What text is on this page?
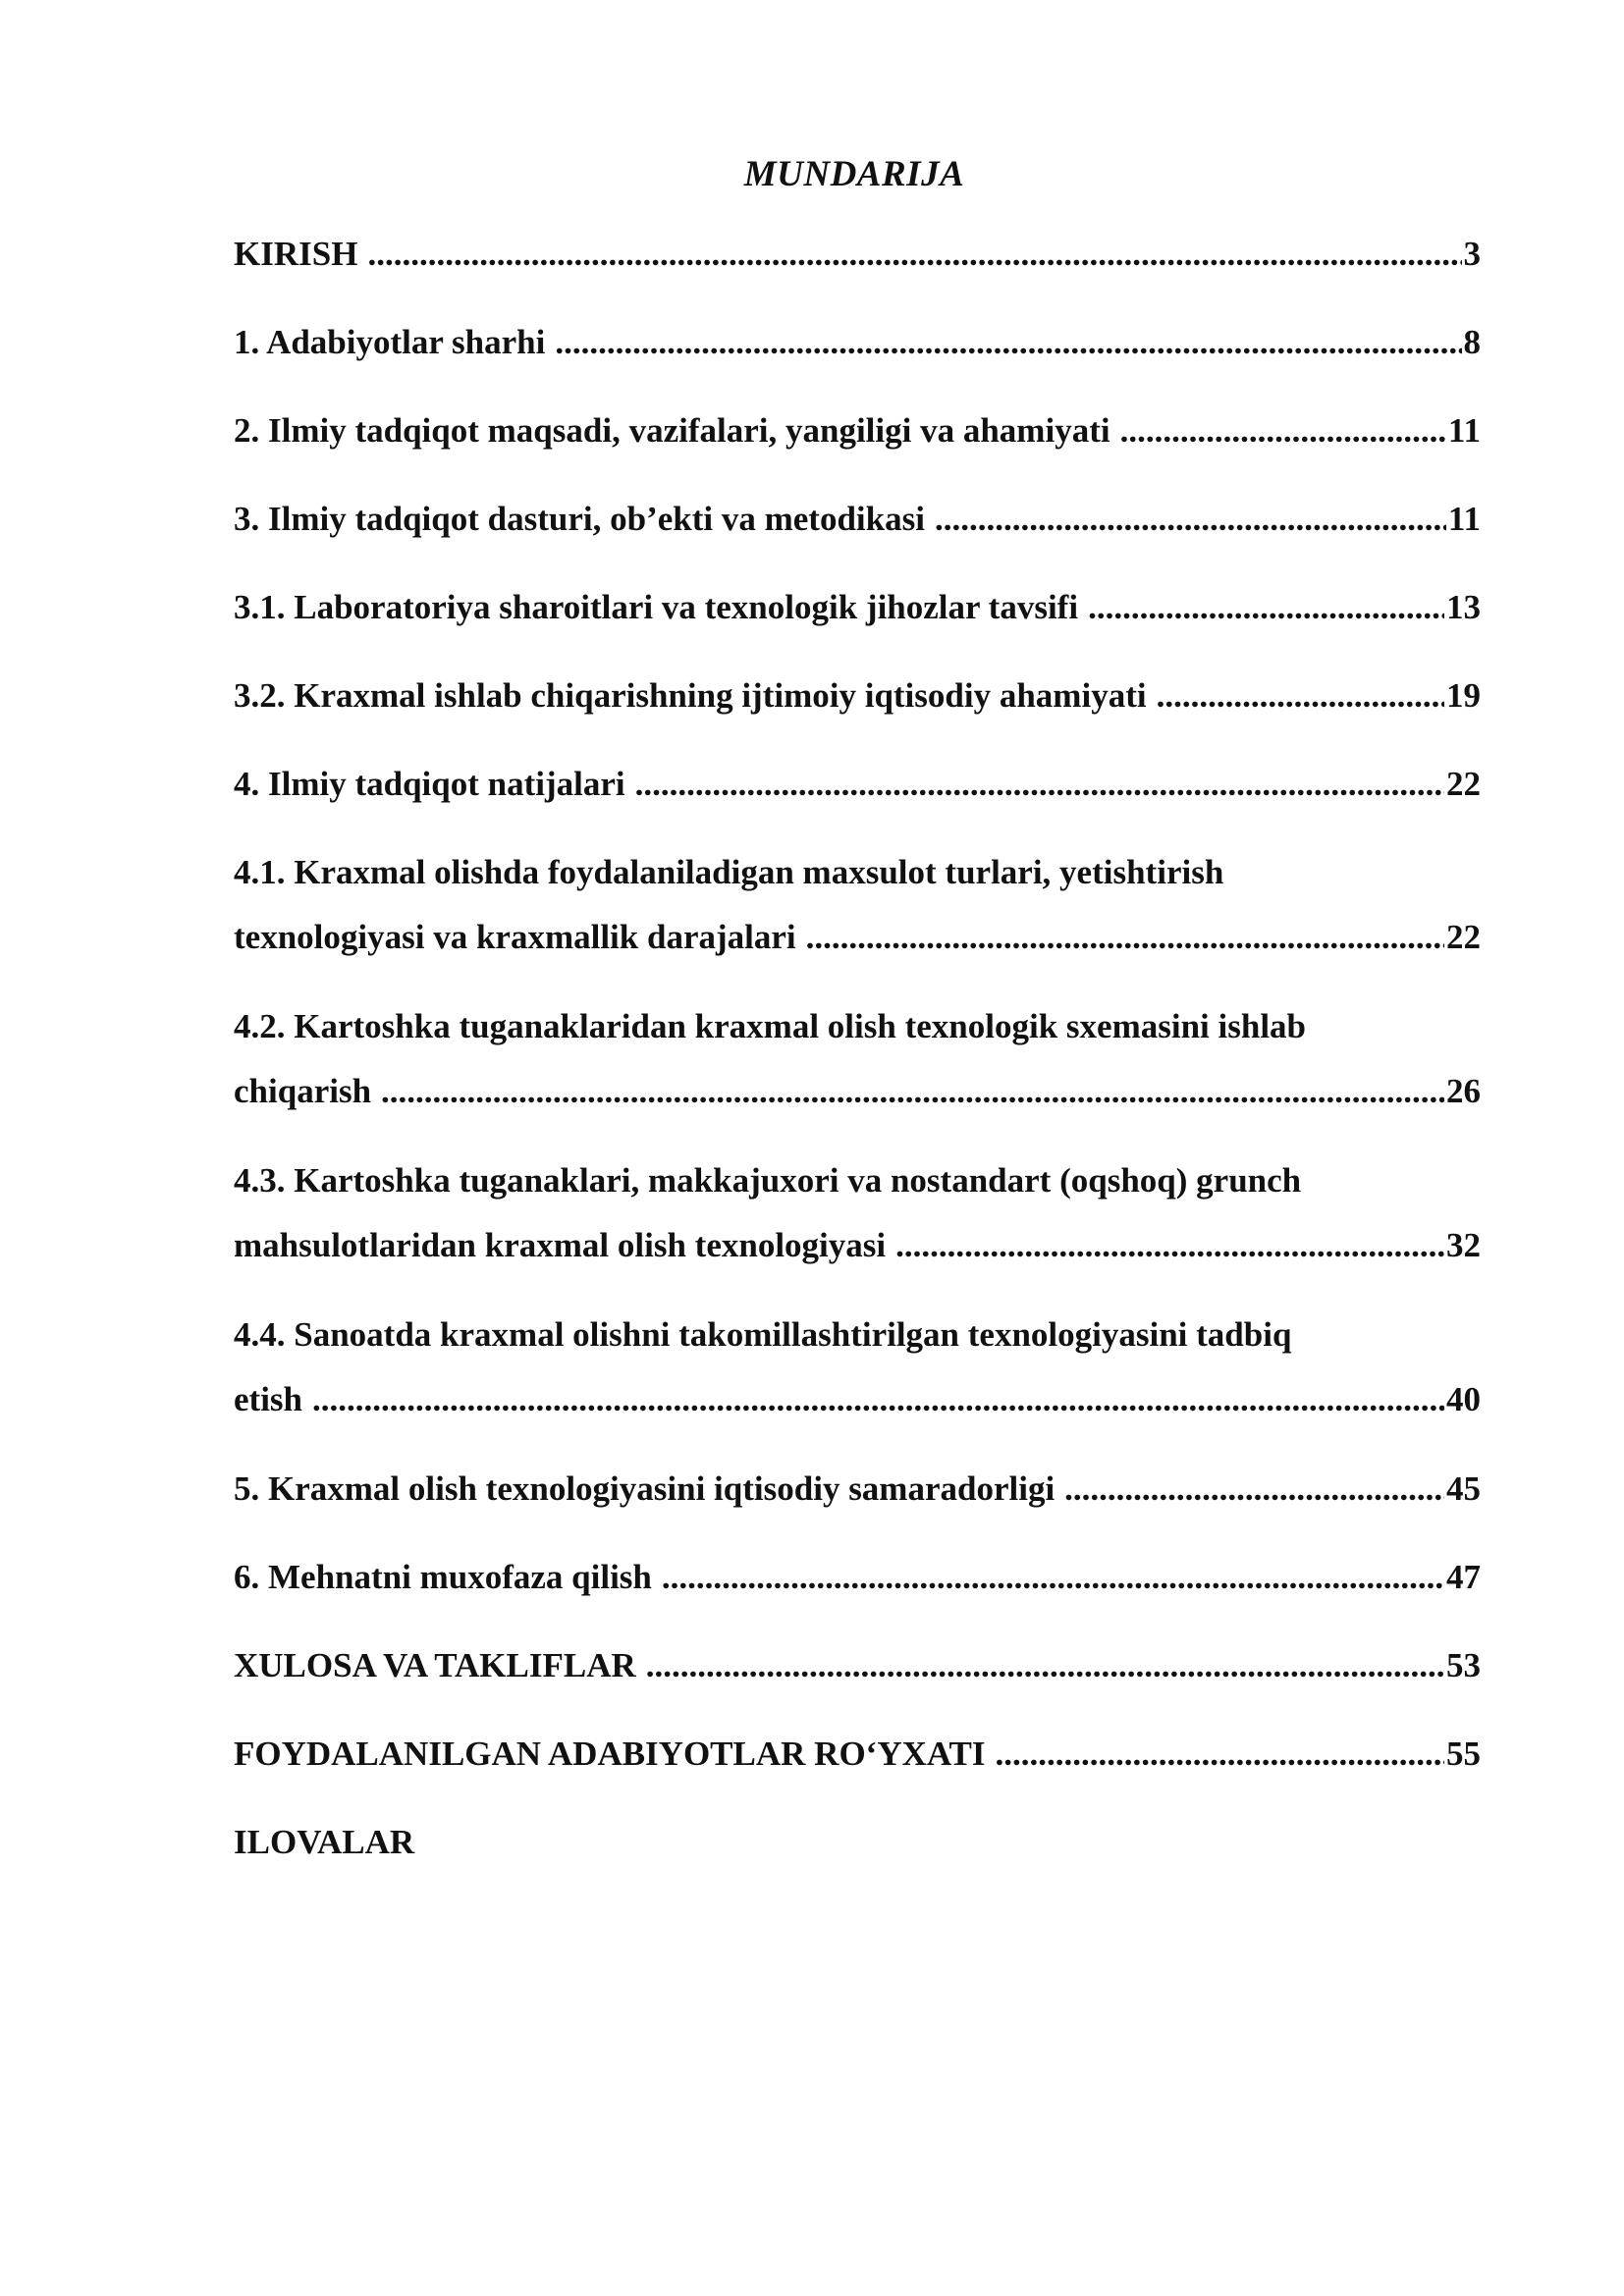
MUNDARIJA
KIRISH .....	3
1. Adabiyotlar sharhi .....	8
2. Ilmiy tadqiqot maqsadi, vazifalari, yangiligi va ahamiyati .....	11
3. Ilmiy tadqiqot dasturi, ob’ekti va metodikasi .....	11
3.1. Laboratoriya sharoitlari va texnologik jihozlar tavsifi .....	13
3.2. Kraxmal ishlab chiqarishning ijtimoiy iqtisodiy ahamiyati .....	19
4. Ilmiy tadqiqot natijalari .....	22
4.1. Kraxmal olishda foydalaniladigan maxsulot turlari, yetishtirish
texnologiyasi va kraxmallik darajalari .....	22
4.2. Kartoshka tuganaklaridan kraxmal olish texnologik sxemasini ishlab
chiqarish .....	26
4.3. Kartoshka tuganaklari, makkajuxori va nostandart (oqshoq) grunch
mahsulotlaridan kraxmal olish texnologiyasi .....	32
4.4. Sanoatda kraxmal olishni takomillashtirilgan texnologiyasini tadbiq
etish .....	40
5. Kraxmal olish texnologiyasini iqtisodiy samaradorligi .....	45
6. Mehnatni muxofaza qilish .....	47
XULOSA VA TAKLIFLAR .....	53
FOYDALANILGAN ADABIYOTLAR RO‘YXATI .....	55
ILOVALAR
